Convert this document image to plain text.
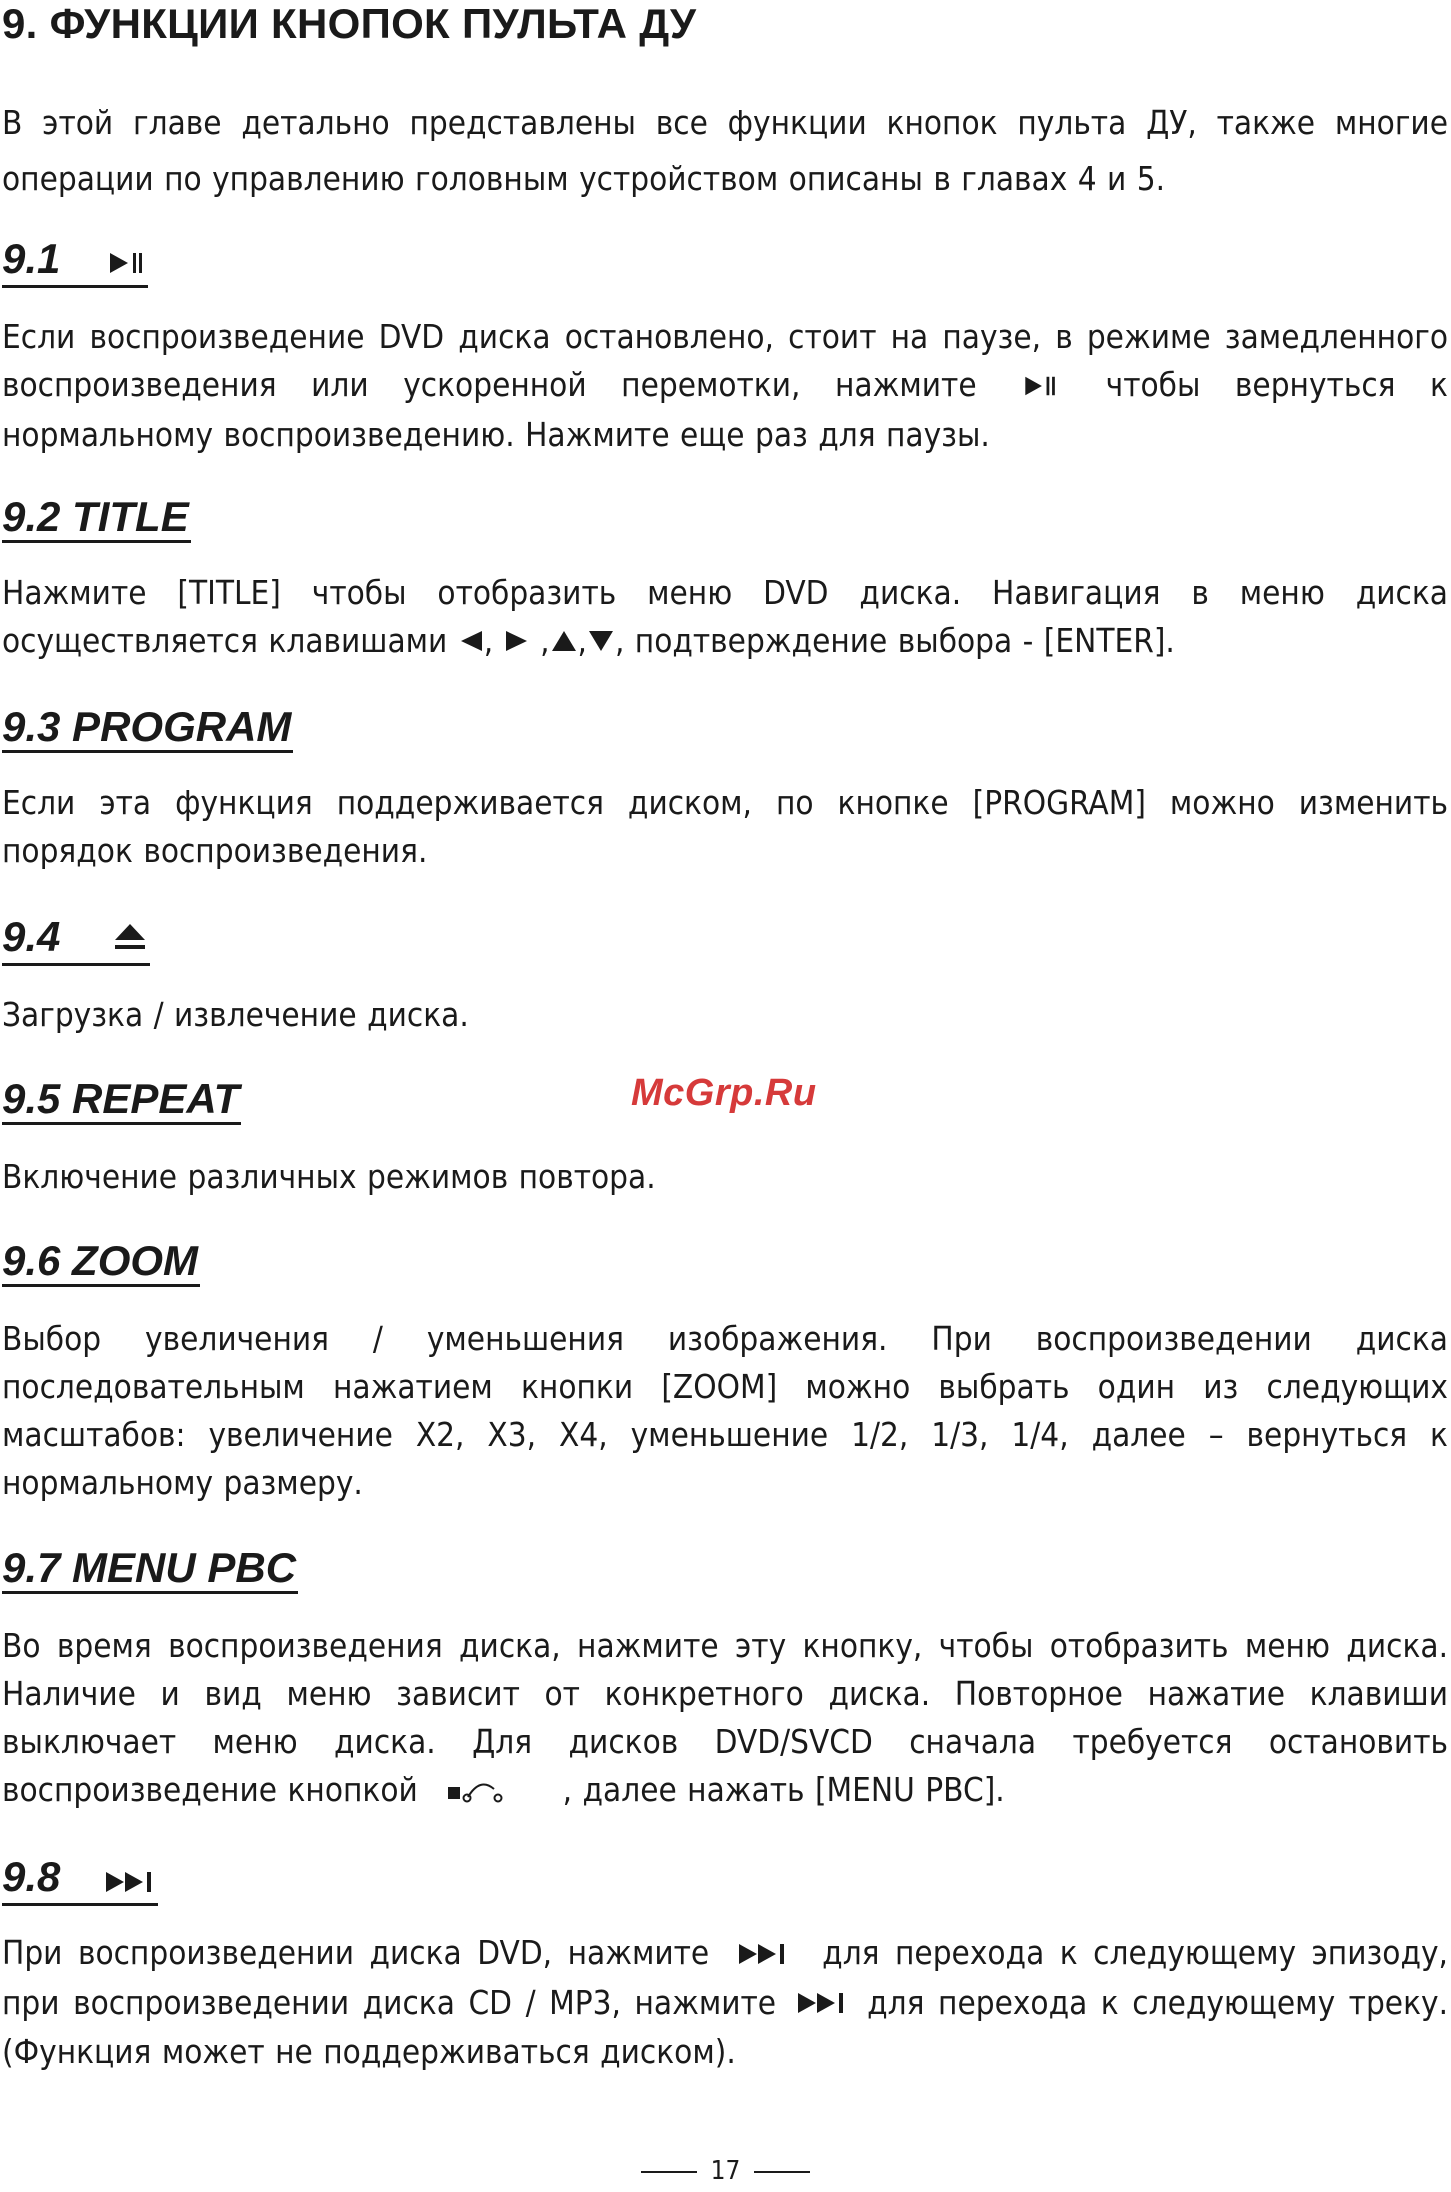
9. ФУНКЦИИ КНОПОК ПУЛЬТА ДУ
В этой главе детально представлены все функции кнопок пульта ДУ, также многие операции по управлению головным устройством описаны в главах 4 и 5.
9.1
Если воспроизведение DVD диска остановлено, стоит на паузе, в режиме замедленного воспроизведения или ускоренной перемотки, нажмите	чтобы вернуться к нормальному воспроизведению. Нажмите еще раз для паузы.
9.2 TITLE
Нажмите [TITLE] чтобы отобразить меню DVD диска. Навигация в меню диска осуществляется клавишами ,  , , , подтверждение выбора - [ENTER].
9.3 PROGRAM
Если эта функция поддерживается диском, по кнопке [PROGRAM] можно изменить порядок воспроизведения.
9.4
Загрузка / извлечение диска.
McGrp.Ru
9.5 REPEAT
Включение различных режимов повтора.
9.6 ZOOM
Выбор увеличения / уменьшения изображения. При воспроизведении диска последовательным нажатием кнопки [ZOOM] можно выбрать один из следующих масштабов: увеличение X2, X3, X4, уменьшение 1/2, 1/3, 1/4, далее – вернуться к нормальному размеру.
9.7 MENU PBC
Во время воспроизведения диска, нажмите эту кнопку, чтобы отобразить меню диска. Наличие и вид меню зависит от конкретного диска. Повторное нажатие клавиши выключает меню диска. Для дисков DVD/SVCD сначала требуется остановить воспроизведение кнопкой	, далее нажать [MENU PBC].
9.8
При воспроизведении диска DVD, нажмите	для перехода к следующему эпизоду, при воспроизведении диска CD / MP3, нажмите	для перехода к следующему треку. (Функция может не поддерживаться диском).
17
